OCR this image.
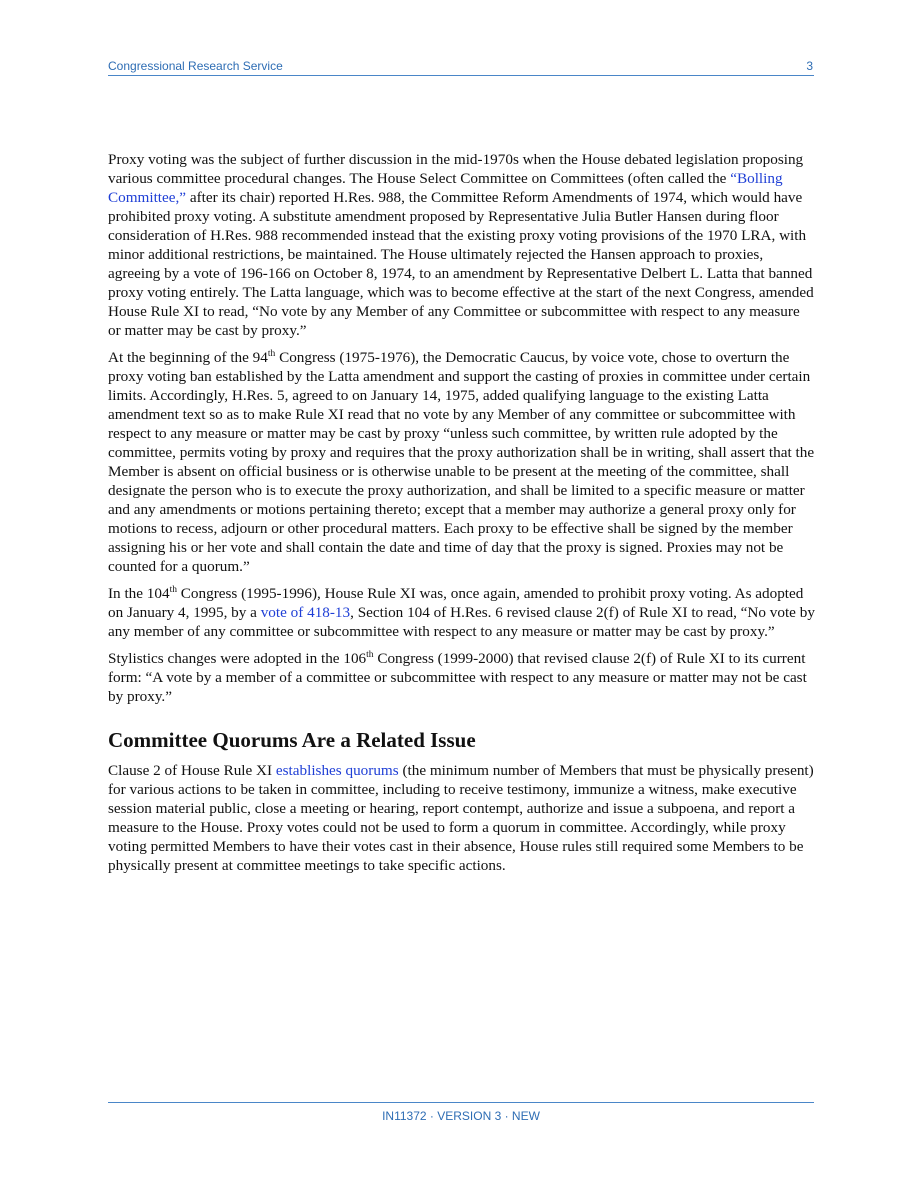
Congressional Research Service	3

Proxy voting was the subject of further discussion in the mid-1970s when the House debated legislation proposing various committee procedural changes. The House Select Committee on Committees (often called the “Bolling Committee,” after its chair) reported H.Res. 988, the Committee Reform Amendments of 1974, which would have prohibited proxy voting. A substitute amendment proposed by Representative Julia Butler Hansen during floor consideration of H.Res. 988 recommended instead that the existing proxy voting provisions of the 1970 LRA, with minor additional restrictions, be maintained. The House ultimately rejected the Hansen approach to proxies, agreeing by a vote of 196-166 on October 8, 1974, to an amendment by Representative Delbert L. Latta that banned proxy voting entirely. The Latta language, which was to become effective at the start of the next Congress, amended House Rule XI to read, “No vote by any Member of any Committee or subcommittee with respect to any measure or matter may be cast by proxy.”

At the beginning of the 94th Congress (1975-1976), the Democratic Caucus, by voice vote, chose to overturn the proxy voting ban established by the Latta amendment and support the casting of proxies in committee under certain limits. Accordingly, H.Res. 5, agreed to on January 14, 1975, added qualifying language to the existing Latta amendment text so as to make Rule XI read that no vote by any Member of any committee or subcommittee with respect to any measure or matter may be cast by proxy “unless such committee, by written rule adopted by the committee, permits voting by proxy and requires that the proxy authorization shall be in writing, shall assert that the Member is absent on official business or is otherwise unable to be present at the meeting of the committee, shall designate the person who is to execute the proxy authorization, and shall be limited to a specific measure or matter and any amendments or motions pertaining thereto; except that a member may authorize a general proxy only for motions to recess, adjourn or other procedural matters. Each proxy to be effective shall be signed by the member assigning his or her vote and shall contain the date and time of day that the proxy is signed. Proxies may not be counted for a quorum.”

In the 104th Congress (1995-1996), House Rule XI was, once again, amended to prohibit proxy voting. As adopted on January 4, 1995, by a vote of 418-13, Section 104 of H.Res. 6 revised clause 2(f) of Rule XI to read, “No vote by any member of any committee or subcommittee with respect to any measure or matter may be cast by proxy.”

Stylistics changes were adopted in the 106th Congress (1999-2000) that revised clause 2(f) of Rule XI to its current form: “A vote by a member of a committee or subcommittee with respect to any measure or matter may not be cast by proxy.”

Committee Quorums Are a Related Issue

Clause 2 of House Rule XI establishes quorums (the minimum number of Members that must be physically present) for various actions to be taken in committee, including to receive testimony, immunize a witness, make executive session material public, close a meeting or hearing, report contempt, authorize and issue a subpoena, and report a measure to the House. Proxy votes could not be used to form a quorum in committee. Accordingly, while proxy voting permitted Members to have their votes cast in their absence, House rules still required some Members to be physically present at committee meetings to take specific actions.

IN11372 · VERSION 3 · NEW
